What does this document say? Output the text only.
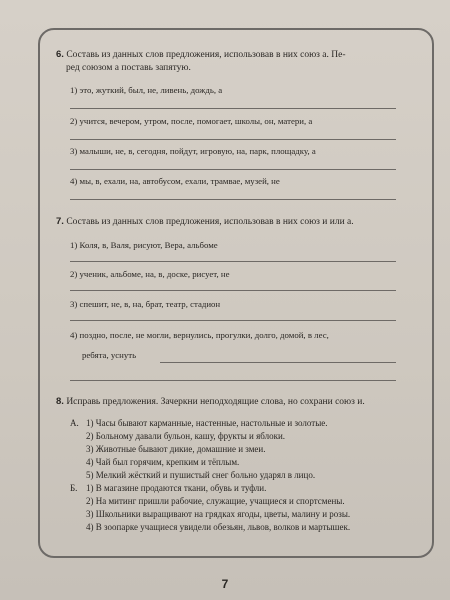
6. Составь из данных слов предложения, использовав в них союз а. Пе-
ред союзом а поставь запятую.
1) это, жуткий, был, не, ливень, дождь, а
2) учится, вечером, утром, после, помогает, школы, он, матери, а
3) малыши, не, в, сегодня, пойдут, игровую, на, парк, площадку, а
4) мы, в, ехали, на, автобусом, ехали, трамвае, музей, не
7. Составь из данных слов предложения, использовав в них союз и или а.
1) Коля, в, Валя, рисуют, Вера, альбоме
2) ученик, альбоме, на, в, доске, рисует, не
3) спешит, не, в, на, брат, театр, стадион
4) поздно, после, не могли, вернулись, прогулки, долго, домой, в лес,
ребята, уснуть
8. Исправь предложения. Зачеркни неподходящие слова, но сохрани союз и.
А. 1) Часы бывают карманные, настенные, настольные и золотые.
2) Больному давали бульон, кашу, фрукты и яблоки.
3) Животные бывают дикие, домашние и змеи.
4) Чай был горячим, крепким и тёплым.
5) Мелкий жёсткий и пушистый снег больно ударял в лицо.
Б. 1) В магазине продаются ткани, обувь и туфли.
2) На митинг пришли рабочие, служащие, учащиеся и спортсмены.
3) Школьники выращивают на грядках ягоды, цветы, малину и розы.
4) В зоопарке учащиеся увидели обезьян, львов, волков и мартышек.
7
